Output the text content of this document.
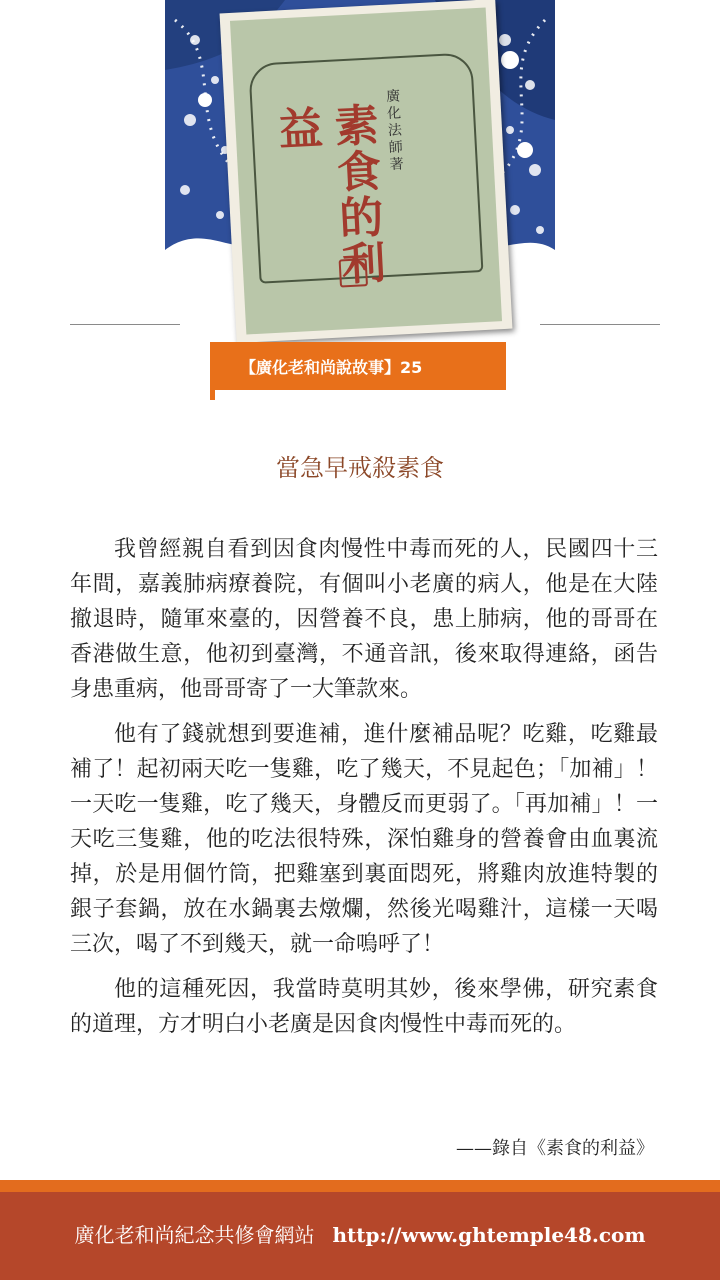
素食的利益	廣化法師著
【廣化老和尚說故事】25
當急早戒殺素食

我曾經親自看到因食肉慢性中毒而死的人，民國四十三年間，嘉義肺病療養院，有個叫小老廣的病人，他是在大陸撤退時，隨軍來臺的，因營養不良，患上肺病，他的哥哥在香港做生意，他初到臺灣，不通音訊，後來取得連絡，函告身患重病，他哥哥寄了一大筆款來。

他有了錢就想到要進補，進什麼補品呢？吃雞，吃雞最補了！起初兩天吃一隻雞，吃了幾天，不見起色；「加補」！一天吃一隻雞，吃了幾天，身體反而更弱了。「再加補」！一天吃三隻雞，他的吃法很特殊，深怕雞身的營養會由血裏流掉，於是用個竹筒，把雞塞到裏面悶死，將雞肉放進特製的銀子套鍋，放在水鍋裏去燉爛，然後光喝雞汁，這樣一天喝三次，喝了不到幾天，就一命嗚呼了！

他的這種死因，我當時莫明其妙，後來學佛，研究素食的道理，方才明白小老廣是因食肉慢性中毒而死的。

——錄自《素食的利益》
廣化老和尚紀念共修會網站 http://www.ghtemple48.com
